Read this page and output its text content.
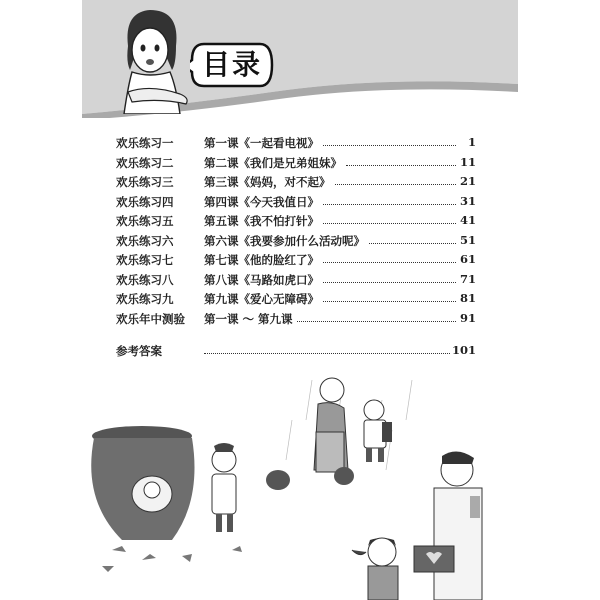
目录
欢乐练习一	第一课《一起看电视》	1
欢乐练习二	第二课《我们是兄弟姐妹》	11
欢乐练习三	第三课《妈妈，对不起》	21
欢乐练习四	第四课《今天我值日》	31
欢乐练习五	第五课《我不怕打针》	41
欢乐练习六	第六课《我要参加什么活动呢》	51
欢乐练习七	第七课《他的脸红了》	61
欢乐练习八	第八课《马路如虎口》	71
欢乐练习九	第九课《爱心无障碍》	81
欢乐年中测验 第一课 ～ 第九课	91
参考答案	101
